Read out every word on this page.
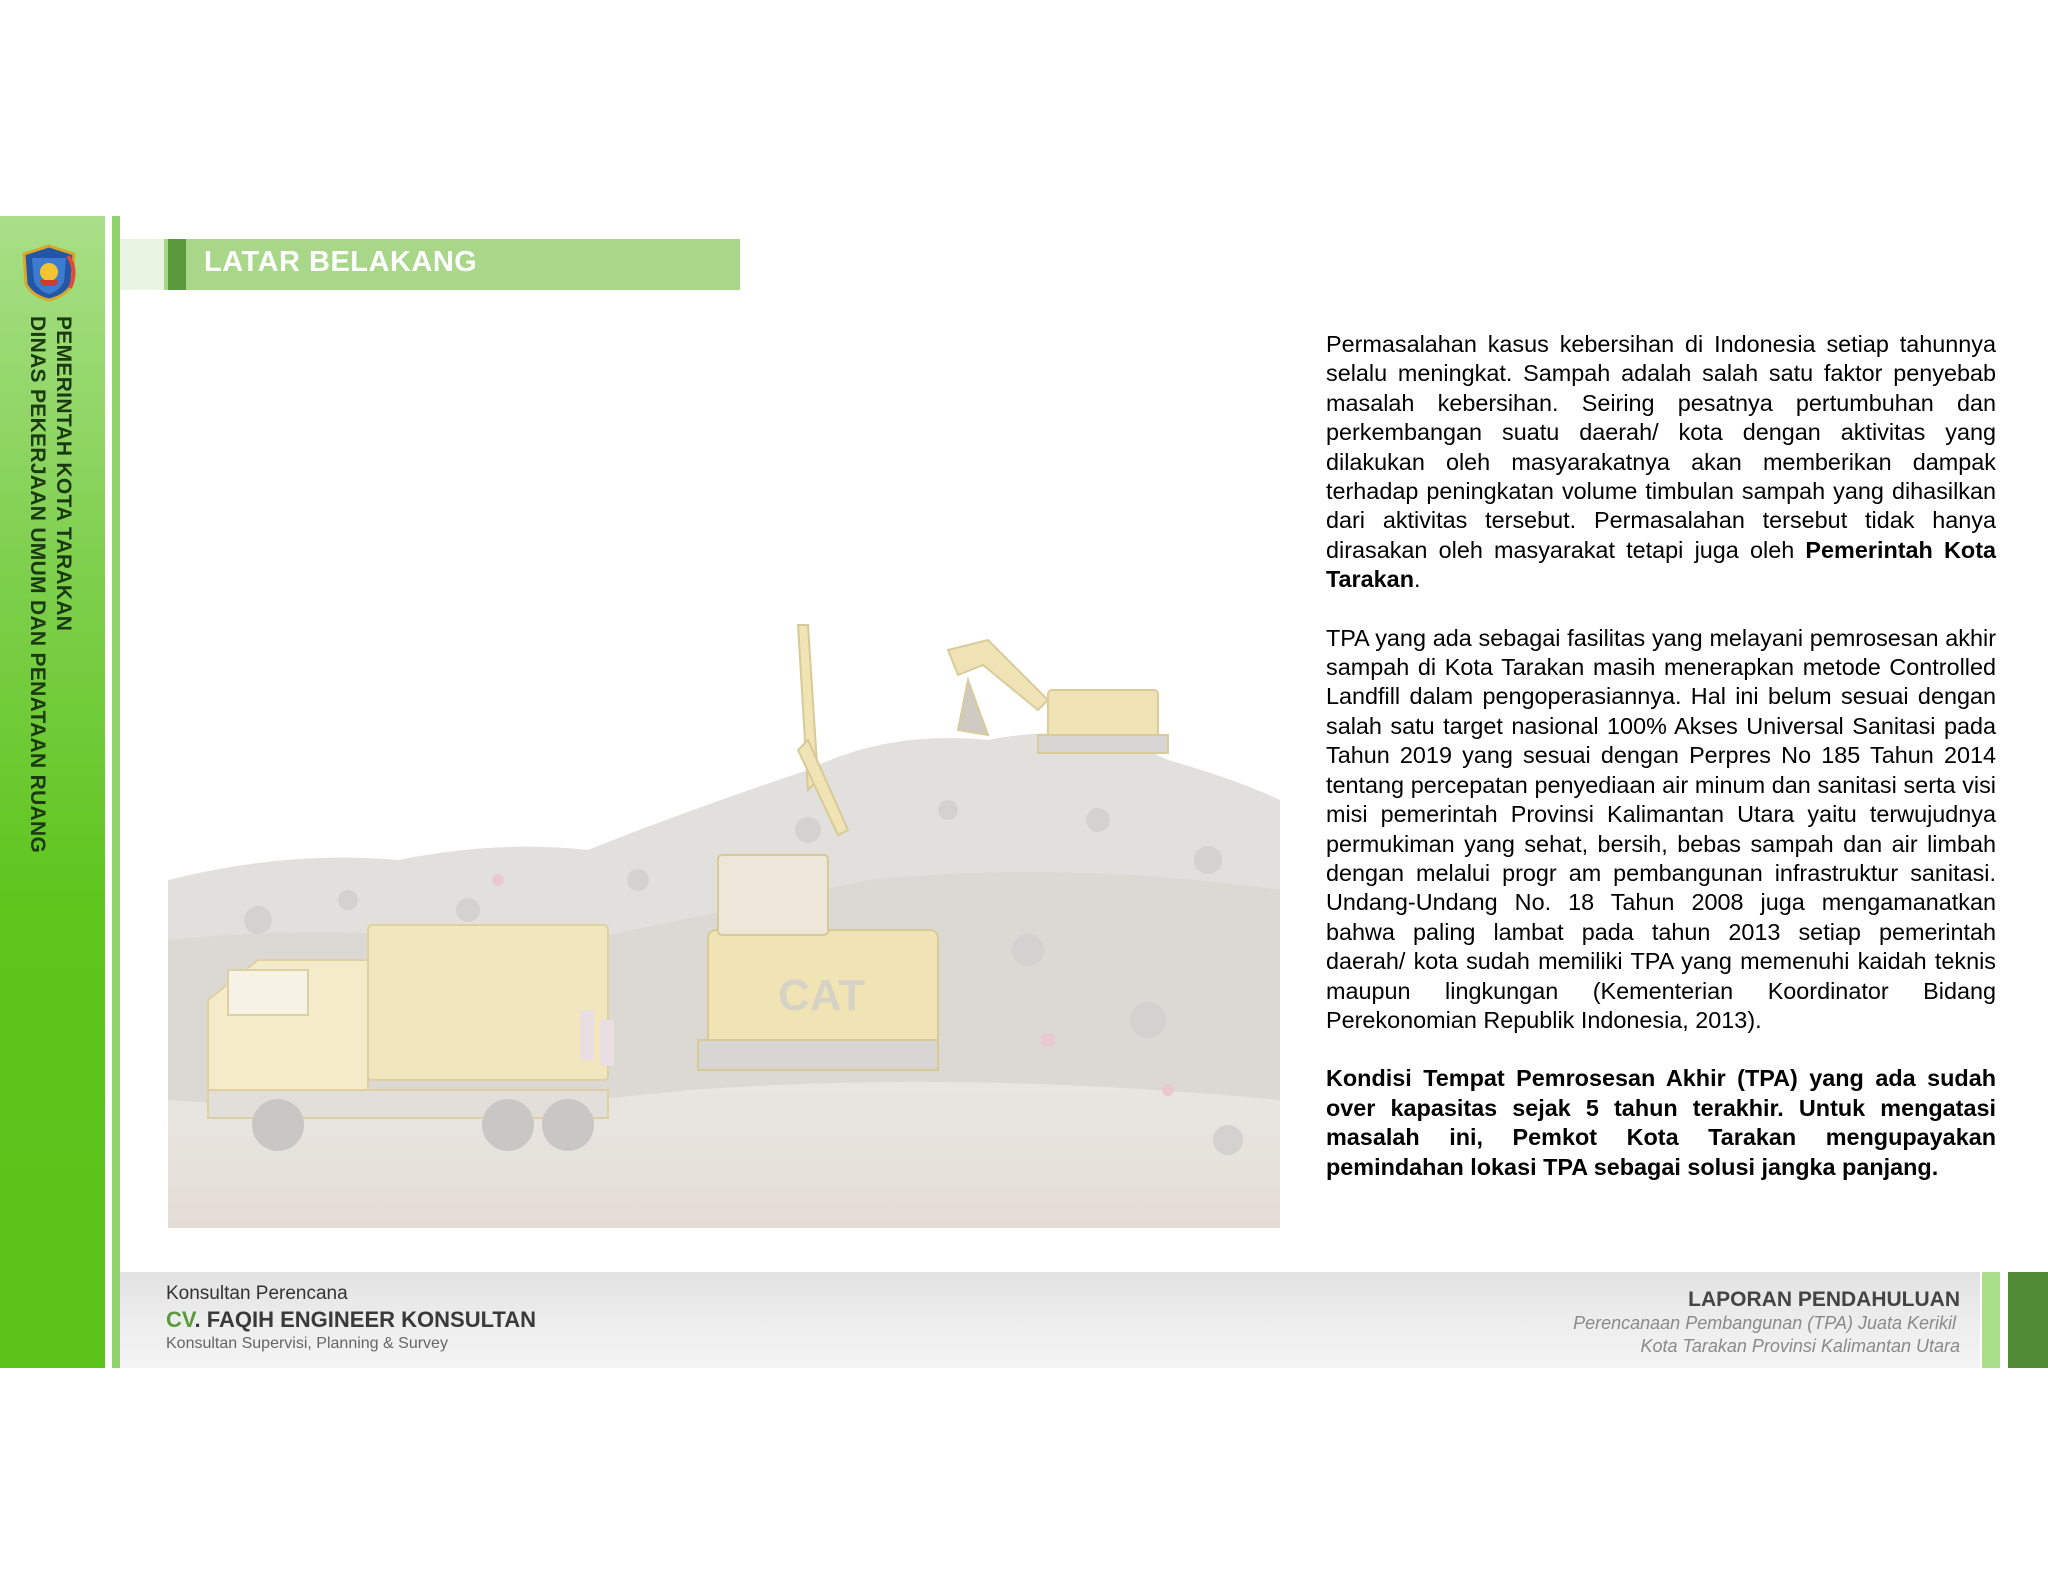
PEMERINTAH KOTA TARAKAN
DINAS PEKERJAAN UMUM DAN PENATAAN RUANG
LATAR BELAKANG
CAT

Permasalahan kasus kebersihan di Indonesia setiap tahunnya selalu meningkat. Sampah adalah salah satu faktor penyebab masalah kebersihan. Seiring pesatnya pertumbuhan dan perkembangan suatu daerah/ kota dengan aktivitas yang dilakukan oleh masyarakatnya akan memberikan dampak terhadap peningkatan volume timbulan sampah yang dihasilkan dari aktivitas tersebut. Permasalahan tersebut tidak hanya dirasakan oleh masyarakat tetapi juga oleh Pemerintah Kota Tarakan.

TPA yang ada sebagai fasilitas yang melayani pemrosesan akhir sampah di Kota Tarakan masih menerapkan metode Controlled Landfill dalam pengoperasiannya. Hal ini belum sesuai dengan salah satu target nasional 100% Akses Universal Sanitasi pada Tahun 2019 yang sesuai dengan Perpres No 185 Tahun 2014 tentang percepatan penyediaan air minum dan sanitasi serta visi misi pemerintah Provinsi Kalimantan Utara yaitu terwujudnya permukiman yang sehat, bersih, bebas sampah dan air limbah dengan melalui progr am pembangunan infrastruktur sanitasi. Undang-Undang No. 18 Tahun 2008 juga mengamanatkan bahwa paling lambat pada tahun 2013 setiap pemerintah daerah/ kota sudah memiliki TPA yang memenuhi kaidah teknis maupun lingkungan (Kementerian Koordinator Bidang Perekonomian Republik Indonesia, 2013).

Kondisi Tempat Pemrosesan Akhir (TPA) yang ada sudah over kapasitas sejak 5 tahun terakhir. Untuk mengatasi masalah ini, Pemkot Kota Tarakan mengupayakan pemindahan lokasi TPA sebagai solusi jangka panjang.

Konsultan Perencana
CV. FAQIH ENGINEER KONSULTAN
Konsultan Supervisi, Planning & Survey
LAPORAN PENDAHULUAN
Perencanaan Pembangunan (TPA) Juata Kerikil
Kota Tarakan Provinsi Kalimantan Utara
